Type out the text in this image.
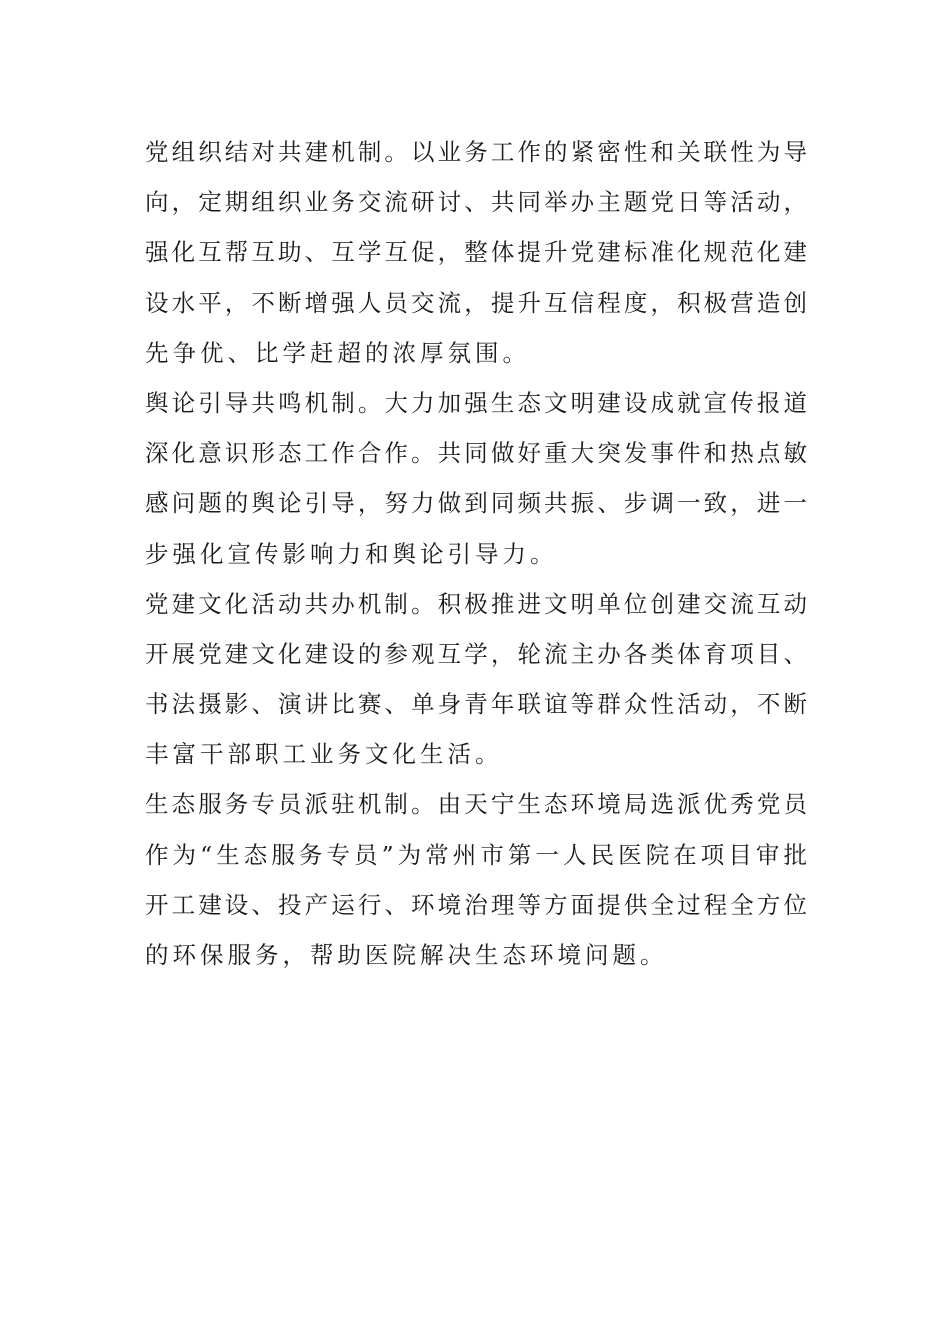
党组织结对共建机制。以业务工作的紧密性和关联性为导
向，定期组织业务交流研讨、共同举办主题党日等活动，
强化互帮互助、互学互促，整体提升党建标准化规范化建
设水平，不断增强人员交流，提升互信程度，积极营造创
先争优、比学赶超的浓厚氛围。
舆论引导共鸣机制。大力加强生态文明建设成就宣传报道
深化意识形态工作合作。共同做好重大突发事件和热点敏
感问题的舆论引导，努力做到同频共振、步调一致，进一
步强化宣传影响力和舆论引导力。
党建文化活动共办机制。积极推进文明单位创建交流互动
开展党建文化建设的参观互学，轮流主办各类体育项目、
书法摄影、演讲比赛、单身青年联谊等群众性活动，不断
丰富干部职工业务文化生活。
生态服务专员派驻机制。由天宁生态环境局选派优秀党员
作为“生态服务专员”为常州市第一人民医院在项目审批
开工建设、投产运行、环境治理等方面提供全过程全方位
的环保服务，帮助医院解决生态环境问题。
